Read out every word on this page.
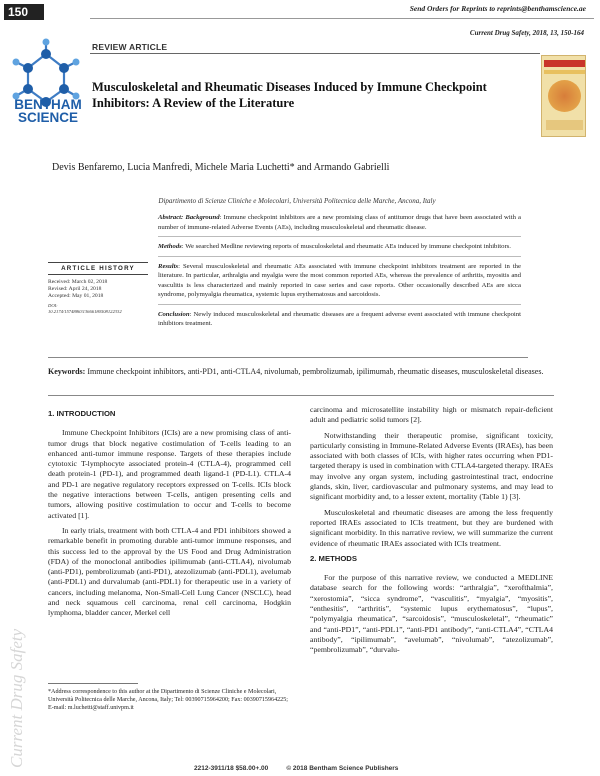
150	Send Orders for Reprints to reprints@benthamscience.ae
Current Drug Safety, 2018, 13, 150-164
REVIEW ARTICLE
BENTHAM SCIENCE
Musculoskeletal and Rheumatic Diseases Induced by Immune Checkpoint Inhibitors: A Review of the Literature
Current Drug Safety
Devis Benfaremo, Lucia Manfredi, Michele Maria Luchetti* and Armando Gabrielli
Dipartimento di Scienze Cliniche e Molecolari, Università Politecnica delle Marche, Ancona, Italy
ARTICLE HISTORY
Received: March 02, 2018
Revised: April 24, 2018
Accepted: May 01, 2018
DOI:
10.2174/1574886313666180508122332

Abstract: Background: Immune checkpoint inhibitors are a new promising class of antitumor drugs that have been associated with a number of immune-related Adverse Events (AEs), including musculoskeletal and rheumatic disease.

Methods: We searched Medline reviewing reports of musculoskeletal and rheumatic AEs induced by immune checkpoint inhibitors.

Results: Several musculoskeletal and rheumatic AEs associated with immune checkpoint inhibitors treatment are reported in the literature. In particular, arthralgia and myalgia were the most common reported AEs, whereas the prevalence of arthritis, myositis and vasculitis is less characterized and mainly reported in case series and case reports. Other occasionally described AEs are sicca syndrome, polymyalgia rheumatica, systemic lupus erythematosus and sarcoidosis.

Conclusion: Newly induced musculoskeletal and rheumatic diseases are a frequent adverse event associated with immune checkpoint inhibitors treatment.

Keywords: Immune checkpoint inhibitors, anti-PD1, anti-CTLA4, nivolumab, pembrolizumab, ipilimumab, rheumatic diseases, musculoskeletal diseases.
1. INTRODUCTION

Immune Checkpoint Inhibitors (ICIs) are a new promising class of anti-tumor drugs that block negative costimulation of T-cells leading to an enhanced anti-tumor immune response. Targets of these therapies include cytotoxic T-lymphocyte associated protein-4 (CTLA-4), programmed cell death protein-1 (PD-1), and programmed death ligand-1 (PD-L1). CTLA-4 and PD-1 are negative regulatory receptors expressed on T-cells. ICIs block the negative interactions between T-cells, antigen presenting cells and tumors, allowing positive costimulation to occur and T-cells to become activated [1].

In early trials, treatment with both CTLA-4 and PD1 inhibitors showed a remarkable benefit in promoting durable anti-tumor immune responses, and this success led to the approval by the US Food and Drug Administration (FDA) of the monoclonal antibodies ipilimumab (anti-CTLA4), nivolumab (anti-PD1), pembrolizumab (anti-PD1), atezolizumab (anti-PDL1), avelumab (anti-PDL1) and durvalumab (anti-PDL1) for therapeutic use in a variety of cancers, including melanoma, Non-Small-Cell Lung Cancer (NSCLC), head and neck squamous cell carcinoma, renal cell carcinoma, Hodgkin lymphoma, bladder cancer, Merkel cell

carcinoma and microsatellite instability high or mismatch repair-deficient adult and pediatric solid tumors [2].

Notwithstanding their therapeutic promise, significant toxicity, particularly consisting in Immune-Related Adverse Events (IRAEs), has been associated with both classes of ICIs, with higher rates occurring when PD1-targeted therapy is used in combination with CTLA4-targeted therapy. IRAEs may involve any organ system, including gastrointestinal tract, endocrine glands, skin, liver, cardiovascular and pulmonary systems, and may lead to significant morbidity and, to a lesser extent, mortality (Table 1) [3].

Musculoskeletal and rheumatic diseases are among the less frequently reported IRAEs associated to ICIs treatment, but they are burdened with significant morbidity. In this narrative review, we will summarize the current evidence of rheumatic IRAEs associated with ICIs treatment.

2. METHODS

For the purpose of this narrative review, we conducted a MEDLINE database search for the following words: “arthralgia”, “xerofthalmia”, “xerostomia”, “sicca syndrome”, “vasculitis”, “myalgia”, “myositis”, “enthesitis”, “arthritis”, “systemic lupus erythematosus”, “lupus”, “polymyalgia rheumatica”, “sarcoidosis”, “musculoskeletal”, “rheumatic” and “anti-PD1”, “anti-PDL1”, “anti-PD1 antibody”, “anti-CTLA4”, “CTLA4 antibody”, “ipilimumab”, “avelumab”, “nivolumab”, “atezolizumab”, “pembrolizumab”, “durvalu-

*Address correspondence to this author at the Dipartimento di Scienze Cliniche e Molecolari, Università Politecnica delle Marche, Ancona, Italy; Tel: 00390715964200; Fax: 00390715964225; E-mail: m.luchetti@staff.univpm.it
2212-3911/18 $58.00+.00          © 2018 Bentham Science Publishers
